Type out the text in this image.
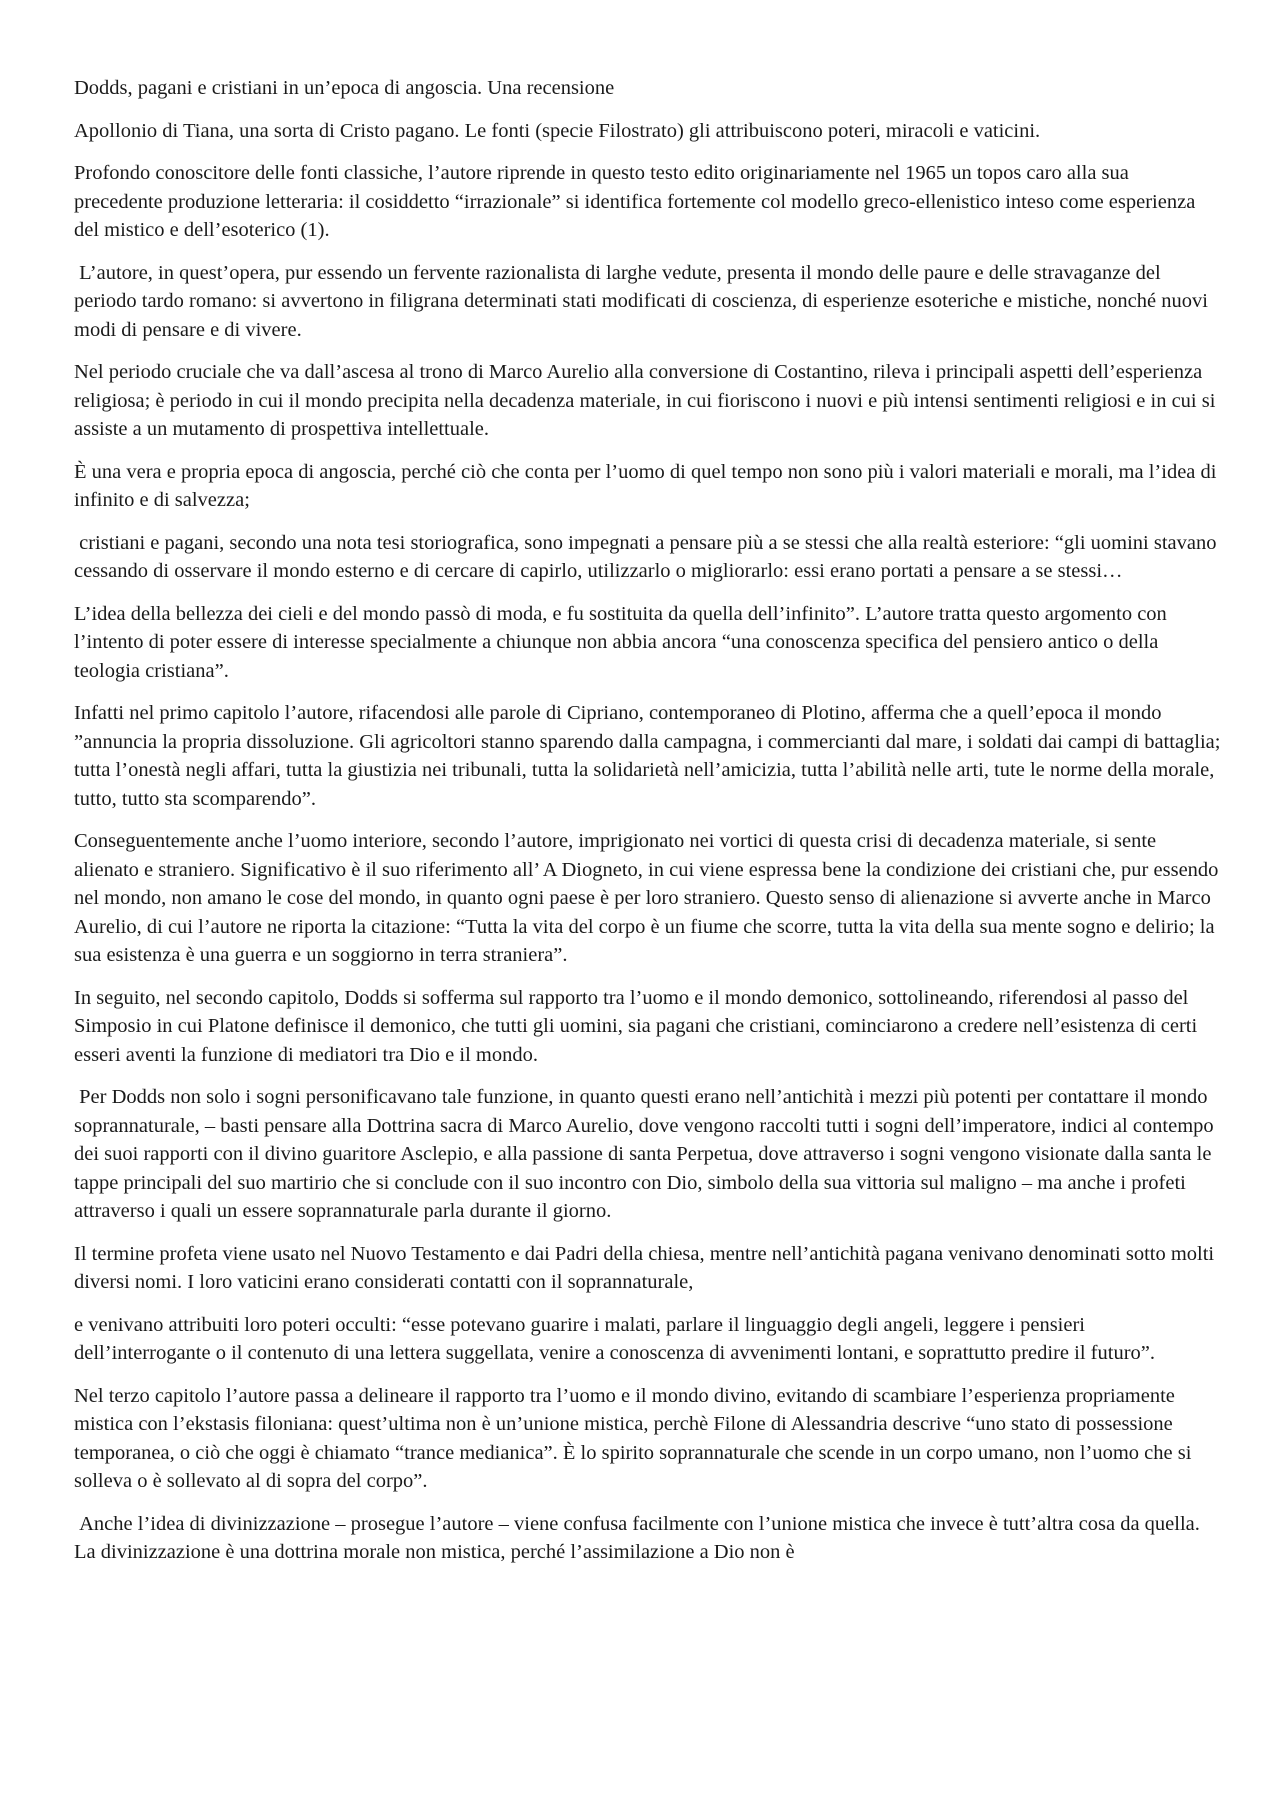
Dodds, pagani e cristiani in un’epoca di angoscia. Una recensione

Apollonio di Tiana, una sorta di Cristo pagano. Le fonti (specie Filostrato) gli attribuiscono poteri, miracoli e vaticini.

Profondo conoscitore delle fonti classiche, l’autore riprende in questo testo edito originariamente nel 1965 un topos caro alla sua precedente produzione letteraria: il cosiddetto “irrazionale” si identifica fortemente col modello greco-ellenistico inteso come esperienza del mistico e dell’esoterico (1).

L’autore, in quest’opera, pur essendo un fervente razionalista di larghe vedute, presenta il mondo delle paure e delle stravaganze del periodo tardo romano: si avvertono in filigrana determinati stati modificati di coscienza, di esperienze esoteriche e mistiche, nonché nuovi modi di pensare e di vivere.

Nel periodo cruciale che va dall’ascesa al trono di Marco Aurelio alla conversione di Costantino, rileva i principali aspetti dell’esperienza religiosa; è periodo in cui il mondo precipita nella decadenza materiale, in cui fioriscono i nuovi e più intensi sentimenti religiosi e in cui si assiste a un mutamento di prospettiva intellettuale.

È una vera e propria epoca di angoscia, perché ciò che conta per l’uomo di quel tempo non sono più i valori materiali e morali, ma l’idea di infinito e di salvezza;

cristiani e pagani, secondo una nota tesi storiografica, sono impegnati a pensare più a se stessi che alla realtà esteriore: “gli uomini stavano cessando di osservare il mondo esterno e di cercare di capirlo, utilizzarlo o migliorarlo: essi erano portati a pensare a se stessi…

L’idea della bellezza dei cieli e del mondo passò di moda, e fu sostituita da quella dell’infinito”. L’autore tratta questo argomento con l’intento di poter essere di interesse specialmente a chiunque non abbia ancora “una conoscenza specifica del pensiero antico o della teologia cristiana”.

Infatti nel primo capitolo l’autore, rifacendosi alle parole di Cipriano, contemporaneo di Plotino, afferma che a quell’epoca il mondo ”annuncia la propria dissoluzione. Gli agricoltori stanno sparendo dalla campagna, i commercianti dal mare, i soldati dai campi di battaglia; tutta l’onestà negli affari, tutta la giustizia nei tribunali, tutta la solidarietà nell’amicizia, tutta l’abilità nelle arti, tute le norme della morale, tutto, tutto sta scomparendo”.

Conseguentemente anche l’uomo interiore, secondo l’autore, imprigionato nei vortici di questa crisi di decadenza materiale, si sente alienato e straniero. Significativo è il suo riferimento all’ A Diogneto, in cui viene espressa bene la condizione dei cristiani che, pur essendo nel mondo, non amano le cose del mondo, in quanto ogni paese è per loro straniero. Questo senso di alienazione si avverte anche in Marco Aurelio, di cui l’autore ne riporta la citazione: “Tutta la vita del corpo è un fiume che scorre, tutta la vita della sua mente sogno e delirio; la sua esistenza è una guerra e un soggiorno in terra straniera”.

In seguito, nel secondo capitolo, Dodds si sofferma sul rapporto tra l’uomo e il mondo demonico, sottolineando, riferendosi al passo del Simposio in cui Platone definisce il demonico, che tutti gli uomini, sia pagani che cristiani, cominciarono a credere nell’esistenza di certi esseri aventi la funzione di mediatori tra Dio e il mondo.

Per Dodds non solo i sogni personificavano tale funzione, in quanto questi erano nell’antichità i mezzi più potenti per contattare il mondo soprannaturale, – basti pensare alla Dottrina sacra di Marco Aurelio, dove vengono raccolti tutti i sogni dell’imperatore, indici al contempo dei suoi rapporti con il divino guaritore Asclepio, e alla passione di santa Perpetua, dove attraverso i sogni vengono visionate dalla santa le tappe principali del suo martirio che si conclude con il suo incontro con Dio, simbolo della sua vittoria sul maligno – ma anche i profeti attraverso i quali un essere soprannaturale parla durante il giorno.

Il termine profeta viene usato nel Nuovo Testamento e dai Padri della chiesa, mentre nell’antichità pagana venivano denominati sotto molti diversi nomi. I loro vaticini erano considerati contatti con il soprannaturale,

e venivano attribuiti loro poteri occulti: “esse potevano guarire i malati, parlare il linguaggio degli angeli, leggere i pensieri dell’interrogante o il contenuto di una lettera suggellata, venire a conoscenza di avvenimenti lontani, e soprattutto predire il futuro”.

Nel terzo capitolo l’autore passa a delineare il rapporto tra l’uomo e il mondo divino, evitando di scambiare l’esperienza propriamente mistica con l’ekstasis filoniana: quest’ultima non è un’unione mistica, perchè Filone di Alessandria descrive “uno stato di possessione temporanea, o ciò che oggi è chiamato “trance medianica”. È lo spirito soprannaturale che scende in un corpo umano, non l’uomo che si solleva o è sollevato al di sopra del corpo”.

Anche l’idea di divinizzazione – prosegue l’autore – viene confusa facilmente con l’unione mistica che invece è tutt’altra cosa da quella. La divinizzazione è una dottrina morale non mistica, perché l’assimilazione a Dio non è
